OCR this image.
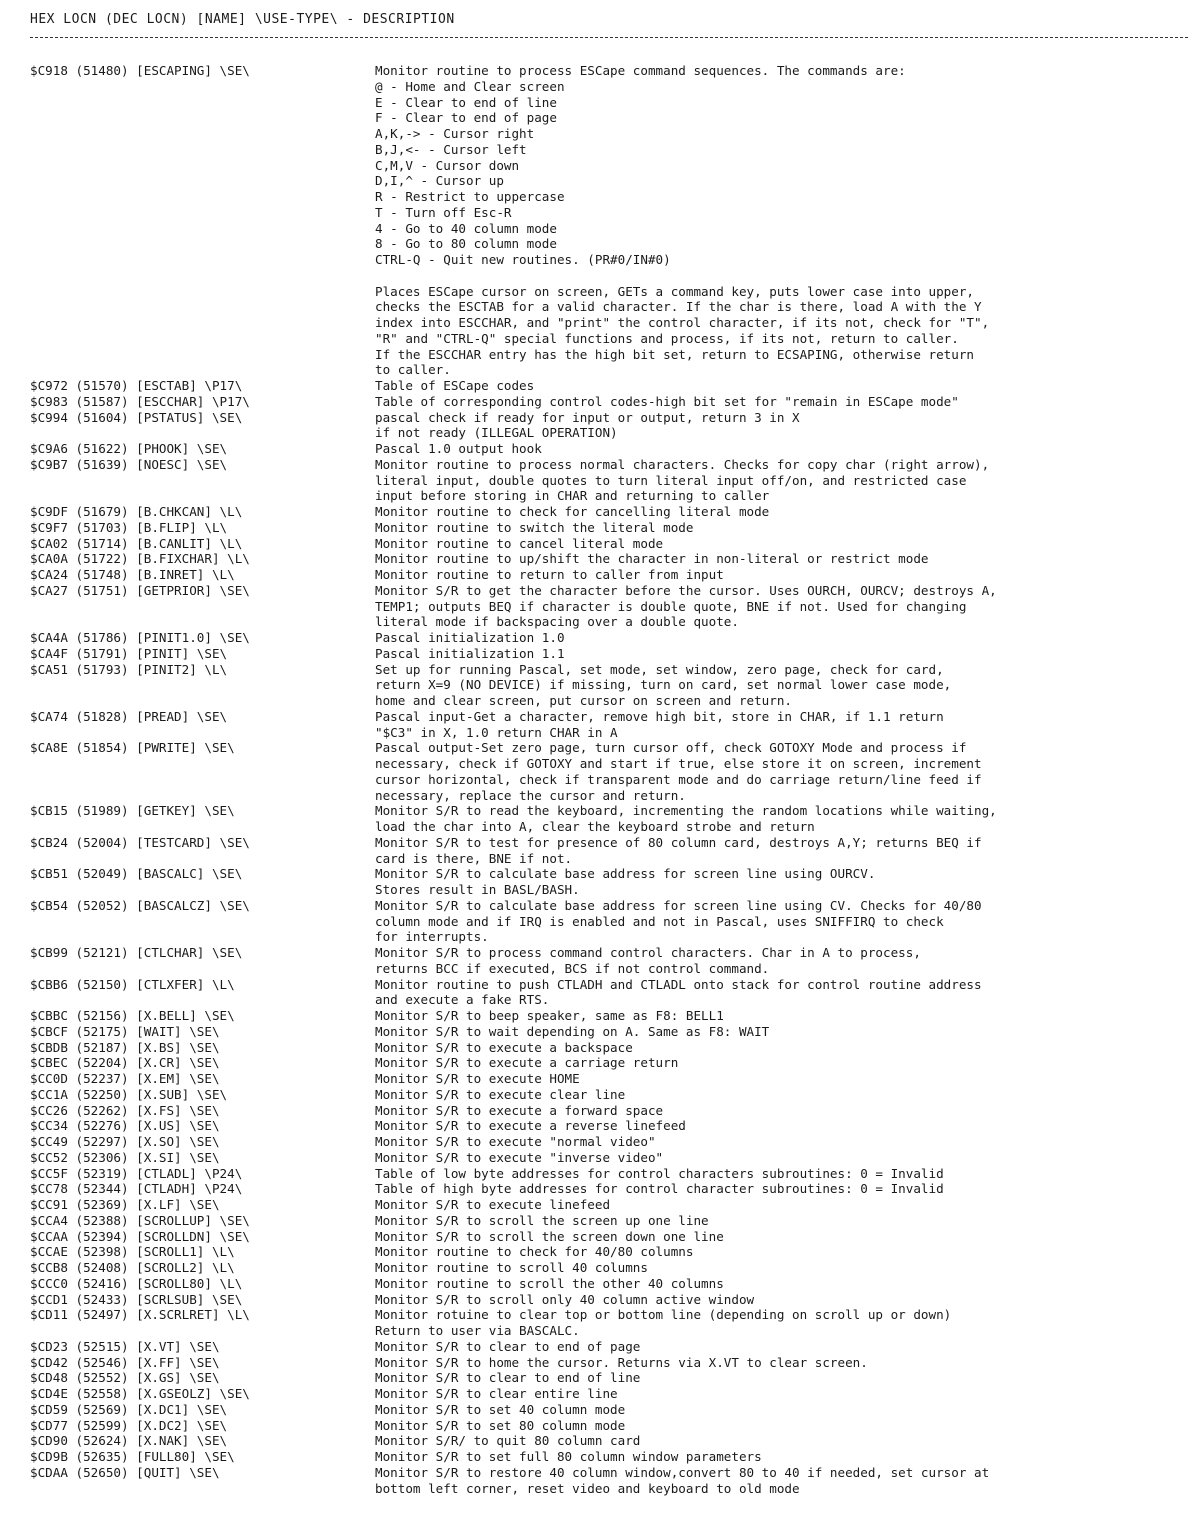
HEX LOCN (DEC LOCN) [NAME] \USE-TYPE\ - DESCRIPTION
$C918 (51480) [ESCAPING] \SE\	Monitor routine to process ESCape command sequences. The commands are:
@ - Home and Clear screen
E - Clear to end of line
F - Clear to end of page
A,K,-> - Cursor right
B,J,<- - Cursor left
C,M,V - Cursor down
D,I,^ - Cursor up
R - Restrict to uppercase
T - Turn off Esc-R
4 - Go to 40 column mode
8 - Go to 80 column mode
CTRL-Q - Quit new routines. (PR#0/IN#0)

Places ESCape cursor on screen, GETs a command key, puts lower case into upper,
checks the ESCTAB for a valid character. If the char is there, load A with the Y
index into ESCCHAR, and "print" the control character, if its not, check for "T",
"R" and "CTRL-Q" special functions and process, if its not, return to caller.
If the ESCCHAR entry has the high bit set, return to ECSAPING, otherwise return
to caller.
$C972 (51570) [ESCTAB] \P17\	Table of ESCape codes
$C983 (51587) [ESCCHAR] \P17\	Table of corresponding control codes-high bit set for "remain in ESCape mode"
$C994 (51604) [PSTATUS] \SE\	pascal check if ready for input or output, return 3 in X
if not ready (ILLEGAL OPERATION)
$C9A6 (51622) [PHOOK] \SE\	Pascal 1.0 output hook
$C9B7 (51639) [NOESC] \SE\	Monitor routine to process normal characters. Checks for copy char (right arrow),
literal input, double quotes to turn literal input off/on, and restricted case
input before storing in CHAR and returning to caller
$C9DF (51679) [B.CHKCAN] \L\	Monitor routine to check for cancelling literal mode
$C9F7 (51703) [B.FLIP] \L\	Monitor routine to switch the literal mode
$CA02 (51714) [B.CANLIT] \L\	Monitor routine to cancel literal mode
$CA0A (51722) [B.FIXCHAR] \L\	Monitor routine to up/shift the character in non-literal or restrict mode
$CA24 (51748) [B.INRET] \L\	Monitor routine to return to caller from input
$CA27 (51751) [GETPRIOR] \SE\	Monitor S/R to get the character before the cursor. Uses OURCH, OURCV; destroys A,
TEMP1; outputs BEQ if character is double quote, BNE if not. Used for changing
literal mode if backspacing over a double quote.
$CA4A (51786) [PINIT1.0] \SE\	Pascal initialization 1.0
$CA4F (51791) [PINIT] \SE\	Pascal initialization 1.1
$CA51 (51793) [PINIT2] \L\	Set up for running Pascal, set mode, set window, zero page, check for card,
return X=9 (NO DEVICE) if missing, turn on card, set normal lower case mode,
home and clear screen, put cursor on screen and return.
$CA74 (51828) [PREAD] \SE\	Pascal input-Get a character, remove high bit, store in CHAR, if 1.1 return
"$C3" in X, 1.0 return CHAR in A
$CA8E (51854) [PWRITE] \SE\	Pascal output-Set zero page, turn cursor off, check GOTOXY Mode and process if
necessary, check if GOTOXY and start if true, else store it on screen, increment
cursor horizontal, check if transparent mode and do carriage return/line feed if
necessary, replace the cursor and return.
$CB15 (51989) [GETKEY] \SE\	Monitor S/R to read the keyboard, incrementing the random locations while waiting,
load the char into A, clear the keyboard strobe and return
$CB24 (52004) [TESTCARD] \SE\	Monitor S/R to test for presence of 80 column card, destroys A,Y; returns BEQ if
card is there, BNE if not.
$CB51 (52049) [BASCALC] \SE\	Monitor S/R to calculate base address for screen line using OURCV.
Stores result in BASL/BASH.
$CB54 (52052) [BASCALCZ] \SE\	Monitor S/R to calculate base address for screen line using CV. Checks for 40/80
column mode and if IRQ is enabled and not in Pascal, uses SNIFFIRQ to check
for interrupts.
$CB99 (52121) [CTLCHAR] \SE\	Monitor S/R to process command control characters. Char in A to process,
returns BCC if executed, BCS if not control command.
$CBB6 (52150) [CTLXFER] \L\	Monitor routine to push CTLADH and CTLADL onto stack for control routine address
and execute a fake RTS.
$CBBC (52156) [X.BELL] \SE\	Monitor S/R to beep speaker, same as F8: BELL1
$CBCF (52175) [WAIT] \SE\	Monitor S/R to wait depending on A. Same as F8: WAIT
$CBDB (52187) [X.BS] \SE\	Monitor S/R to execute a backspace
$CBEC (52204) [X.CR] \SE\	Monitor S/R to execute a carriage return
$CC0D (52237) [X.EM] \SE\	Monitor S/R to execute HOME
$CC1A (52250) [X.SUB] \SE\	Monitor S/R to execute clear line
$CC26 (52262) [X.FS] \SE\	Monitor S/R to execute a forward space
$CC34 (52276) [X.US] \SE\	Monitor S/R to execute a reverse linefeed
$CC49 (52297) [X.SO] \SE\	Monitor S/R to execute "normal video"
$CC52 (52306) [X.SI] \SE\	Monitor S/R to execute "inverse video"
$CC5F (52319) [CTLADL] \P24\	Table of low byte addresses for control characters subroutines: 0 = Invalid
$CC78 (52344) [CTLADH] \P24\	Table of high byte addresses for control character subroutines: 0 = Invalid
$CC91 (52369) [X.LF] \SE\	Monitor S/R to execute linefeed
$CCA4 (52388) [SCROLLUP] \SE\	Monitor S/R to scroll the screen up one line
$CCAA (52394) [SCROLLDN] \SE\	Monitor S/R to scroll the screen down one line
$CCAE (52398) [SCROLL1] \L\	Monitor routine to check for 40/80 columns
$CCB8 (52408) [SCROLL2] \L\	Monitor routine to scroll 40 columns
$CCC0 (52416) [SCROLL80] \L\	Monitor routine to scroll the other 40 columns
$CCD1 (52433) [SCRLSUB] \SE\	Monitor S/R to scroll only 40 column active window
$CD11 (52497) [X.SCRLRET] \L\	Monitor rotuine to clear top or bottom line (depending on scroll up or down)
Return to user via BASCALC.
$CD23 (52515) [X.VT] \SE\	Monitor S/R to clear to end of page
$CD42 (52546) [X.FF] \SE\	Monitor S/R to home the cursor. Returns via X.VT to clear screen.
$CD48 (52552) [X.GS] \SE\	Monitor S/R to clear to end of line
$CD4E (52558) [X.GSEOLZ] \SE\	Monitor S/R to clear entire line
$CD59 (52569) [X.DC1] \SE\	Monitor S/R to set 40 column mode
$CD77 (52599) [X.DC2] \SE\	Monitor S/R to set 80 column mode
$CD90 (52624) [X.NAK] \SE\	Monitor S/R/ to quit 80 column card
$CD9B (52635) [FULL80] \SE\	Monitor S/R to set full 80 column window parameters
$CDAA (52650) [QUIT] \SE\	Monitor S/R to restore 40 column window,convert 80 to 40 if needed, set cursor at
bottom left corner, reset video and keyboard to old mode
